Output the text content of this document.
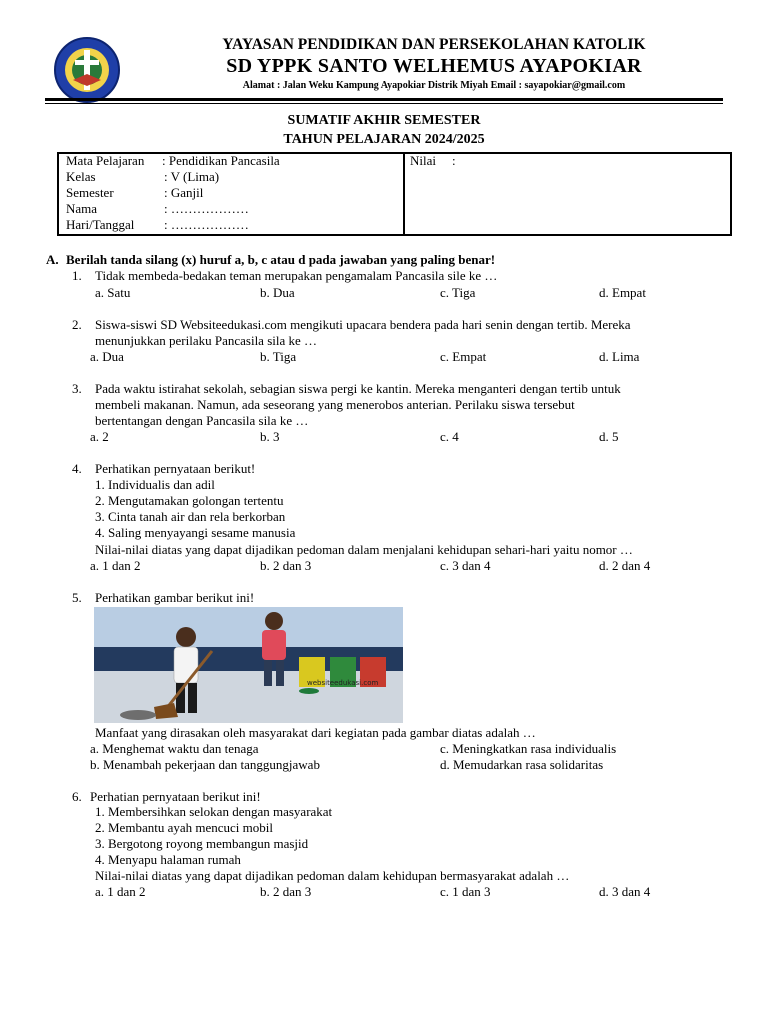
YAYASAN PENDIDIKAN DAN PERSEKOLAHAN KATOLIK
SD YPPK SANTO WELHEMUS AYAPOKIAR
Alamat : Jalan Weku Kampung Ayapokiar Distrik Miyah Email : sayapokiar@gmail.com
SUMATIF AKHIR SEMESTER
TAHUN PELAJARAN 2024/2025
Mata Pelajaran : Pendidikan Pancasila
Kelas	: V (Lima)
Semester	: Ganjil
Nama	: ………………
Hari/Tanggal : ………………
Nilai :
A. Berilah tanda silang (x) huruf a, b, c atau d pada jawaban yang paling benar!
1. Tidak membeda-bedakan teman merupakan pengamalam Pancasila sile ke …
a. Satu	b. Dua	c. Tiga	d. Empat
2. Siswa-siswi SD Websiteedukasi.com mengikuti upacara bendera pada hari senin dengan tertib. Mereka
menunjukkan perilaku Pancasila sila ke …
a. Dua	b. Tiga	c. Empat	d. Lima
3. Pada waktu istirahat sekolah, sebagian siswa pergi ke kantin. Mereka menganteri dengan tertib untuk
membeli makanan. Namun, ada seseorang yang menerobos anterian. Perilaku siswa tersebut
bertentangan dengan Pancasila sila ke …
a. 2	b. 3	c. 4	d. 5
4. Perhatikan pernyataan berikut!
1. Individualis dan adil
2. Mengutamakan golongan tertentu
3. Cinta tanah air dan rela berkorban
4. Saling menyayangi sesame manusia
Nilai-nilai diatas yang dapat dijadikan pedoman dalam menjalani kehidupan sehari-hari yaitu nomor …
a. 1 dan 2	b. 2 dan 3	c. 3 dan 4	d. 2 dan 4
5. Perhatikan gambar berikut ini!
websiteedukasi.com
Manfaat yang dirasakan oleh masyarakat dari kegiatan pada gambar diatas adalah …
a. Menghemat waktu dan tenaga
b. Menambah pekerjaan dan tanggungjawab
c. Meningkatkan rasa individualis
d. Memudarkan rasa solidaritas
6. Perhatian pernyataan berikut ini!
1. Membersihkan selokan dengan masyarakat
2. Membantu ayah mencuci mobil
3. Bergotong royong membangun masjid
4. Menyapu halaman rumah
Nilai-nilai diatas yang dapat dijadikan pedoman dalam kehidupan bermasyarakat adalah …
a. 1 dan 2	b. 2 dan 3	c. 1 dan 3	d. 3 dan 4
